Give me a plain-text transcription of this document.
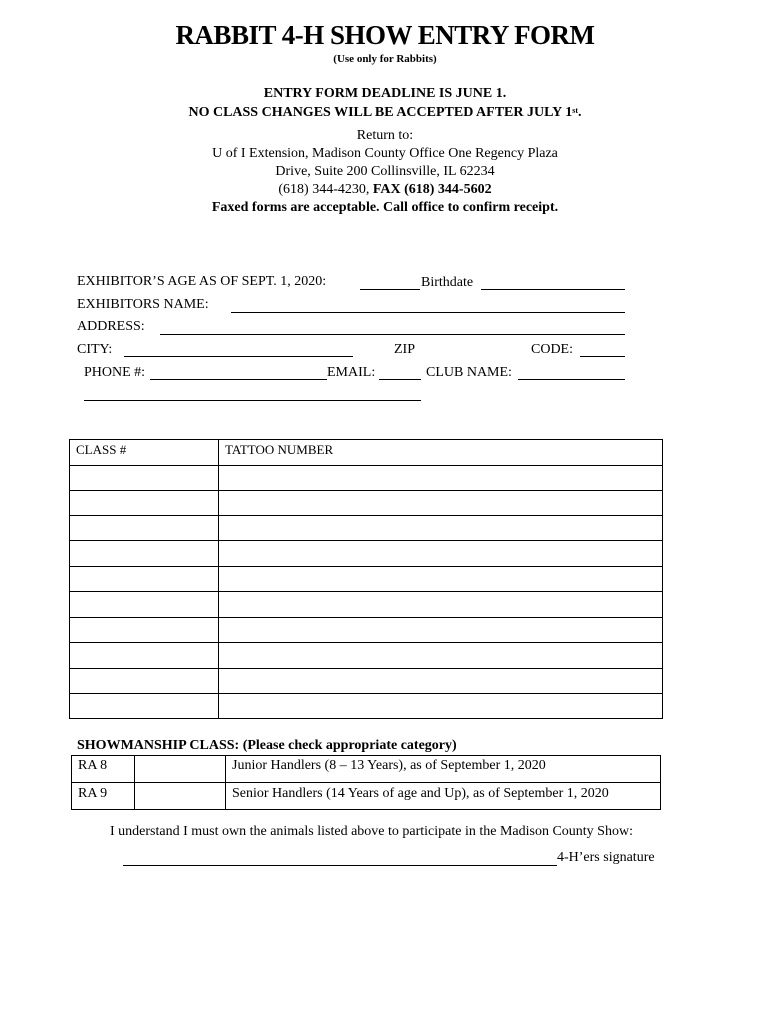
RABBIT 4-H SHOW ENTRY FORM
(Use only for Rabbits)
ENTRY FORM DEADLINE IS JUNE 1.
NO CLASS CHANGES WILL BE ACCEPTED AFTER JULY 1st.
Return to:
U of I Extension, Madison County Office One Regency Plaza
Drive, Suite 200 Collinsville, IL 62234
(618) 344-4230, FAX (618) 344-5602
Faxed forms are acceptable. Call office to confirm receipt.
EXHIBITOR’S AGE AS OF SEPT. 1, 2020:	Birthdate
EXHIBITORS NAME:
ADDRESS:
CITY:	ZIP	CODE:
PHONE #:	EMAIL:	CLUB NAME:
CLASS #	TATTOO NUMBER

SHOWMANSHIP CLASS: (Please check appropriate category)
RA 8		Junior Handlers (8 – 13 Years), as of September 1, 2020
RA 9		Senior Handlers (14 Years of age and Up), as of September 1, 2020
I understand I must own the animals listed above to participate in the Madison County Show:
4-H’ers signature
